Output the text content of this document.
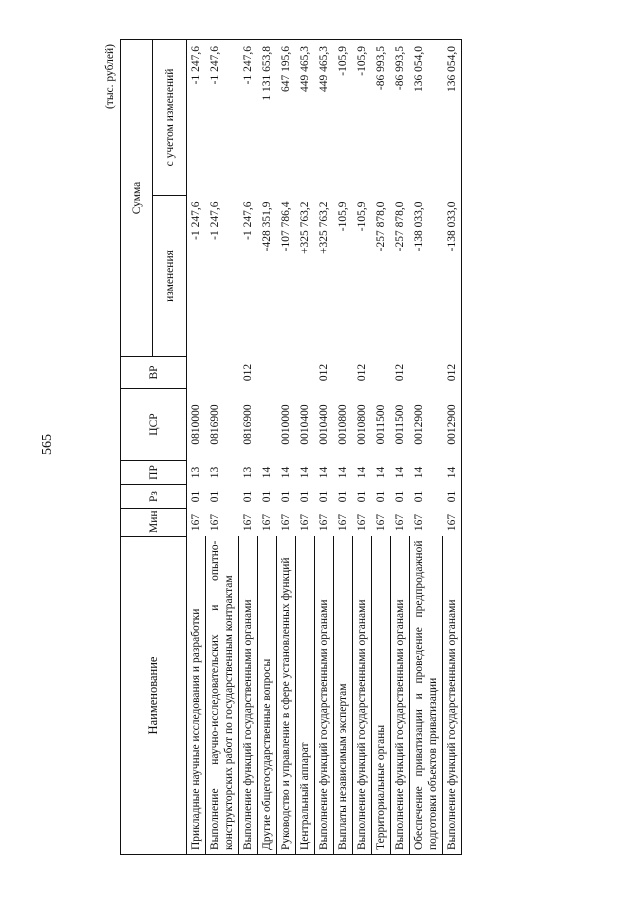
565
(тыс. рублей)
Наименование	Мин	Рз	ПР	ЦСР	ВР	Сумма	
						изменения	с учетом изменений
Прикладные научные исследования и разработки	167	01	13	0810000		-1 247,6	-1 247,6
Выполнение научно-исследовательских и опытно-конструкторских работ по государственным контрактам	167	01	13	0816900		-1 247,6	-1 247,6
Выполнение функций государственными органами	167	01	13	0816900	012	-1 247,6	-1 247,6
Другие общегосударственные вопросы	167	01	14			-428 351,9	1 131 653,8
Руководство и управление в сфере установленных функций	167	01	14	0010000		-107 786,4	647 195,6
Центральный аппарат	167	01	14	0010400		+325 763,2	449 465,3
Выполнение функций государственными органами	167	01	14	0010400	012	+325 763,2	449 465,3
Выплаты независимым экспертам	167	01	14	0010800		-105,9	-105,9
Выполнение функций государственными органами	167	01	14	0010800	012	-105,9	-105,9
Территориальные органы	167	01	14	0011500		-257 878,0	-86 993,5
Выполнение функций государственными органами	167	01	14	0011500	012	-257 878,0	-86 993,5
Обеспечение приватизации и проведение предпродажной подготовки объектов приватизации	167	01	14	0012900		-138 033,0	136 054,0
Выполнение функций государственными органами	167	01	14	0012900	012	-138 033,0	136 054,0
